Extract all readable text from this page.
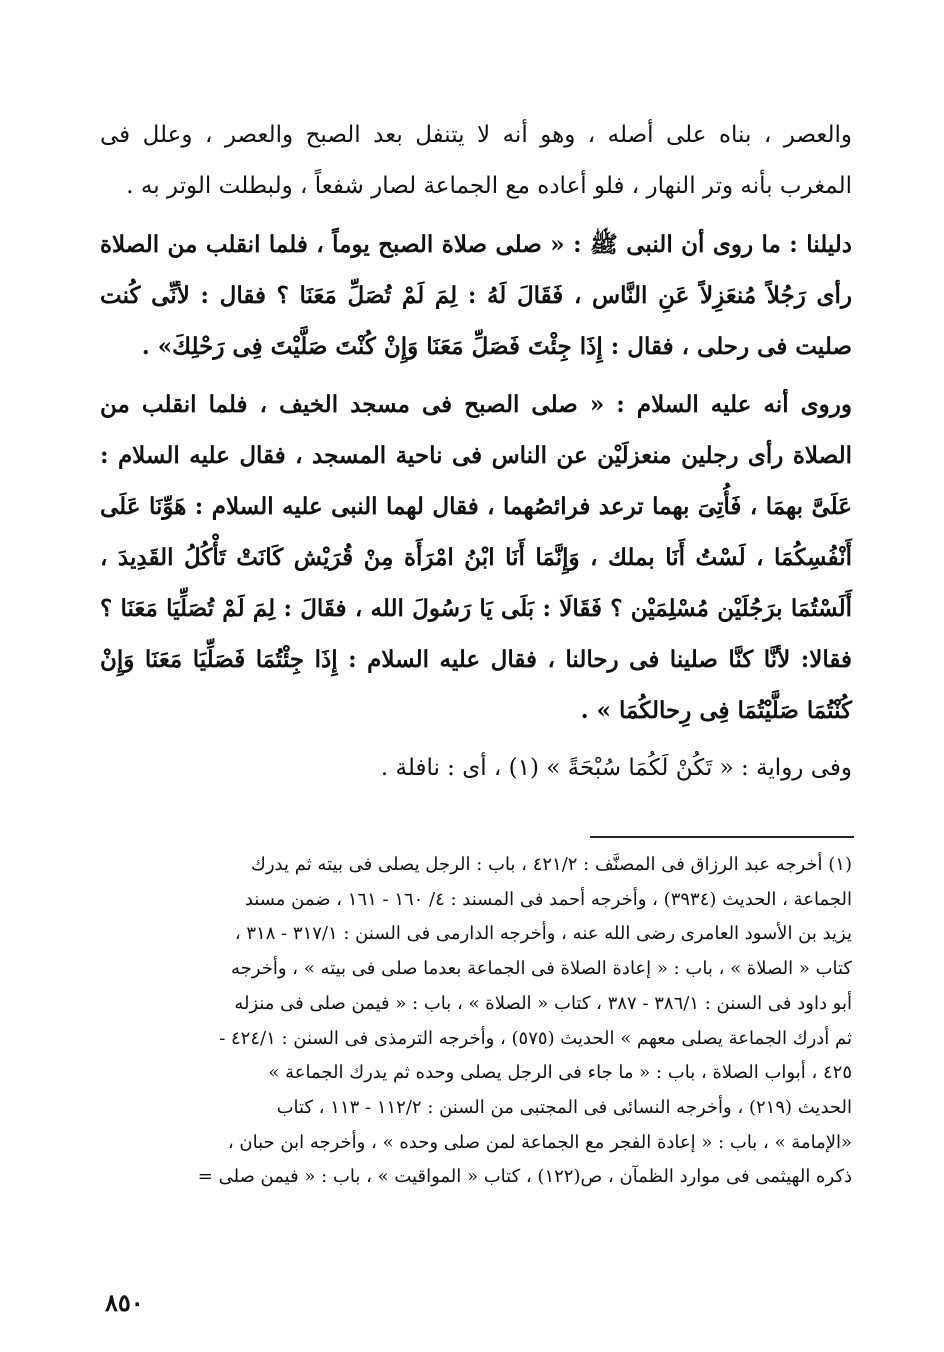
والعصر ، بناه على أصله ، وهو أنه لا يتنفل بعد الصبح والعصر ، وعلل فى المغرب بأنه وتر النهار ، فلو أعاده مع الجماعة لصار شفعاً ، ولبطلت الوتر به .

دليلنا : ما روى أن النبى ﷺ : « صلى صلاة الصبح يوماً ، فلما انقلب من الصلاة رأى رَجُلاً مُنعَزِلاً عَنِ النَّاس ، فَقَالَ لَهُ : لِمَ لَمْ تُصَلِّ مَعَنَا ؟ فقال : لأنِّى كُنت صليت فى رحلى ، فقال : إِذَا جِئْتَ فَصَلِّ مَعَنَا وَإِنْ كُنْتَ صَلَّيْتَ فِى رَحْلِكَ» .

وروى أنه عليه السلام : « صلى الصبح فى مسجد الخيف ، فلما انقلب من الصلاة رأى رجلين منعزلَيْن عن الناس فى ناحية المسجد ، فقال عليه السلام : عَلَىَّ بهمَا ، فَأُتِىَ بهما ترعد فرائصُهما ، فقال لهما النبى عليه السلام : هَوِّنَا عَلَى أَنْفُسِكُمَا ، لَسْتُ أَنَا بملك ، وَإِنَّمَا أَنَا ابْنُ امْرَأَة مِنْ قُرَيْش كَانَتْ تَأْكُلُ القَدِيدَ ، أَلَسْتُمَا برَجُلَيْن مُسْلِمَيْن ؟ فَقَالَا : بَلَى يَا رَسُولَ الله ، فقَالَ : لِمَ لَمْ تُصَلِّيَا مَعَنَا ؟ فقالا: لأنَّا كنَّا صلينا فى رحالنا ، فقال عليه السلام : إِذَا جِئْتُمَا فَصَلِّيَا مَعَنَا وَإِنْ كُنْتُمَا صَلَّيْتُمَا فِى رِحالكُمَا » .

وفى رواية : « تَكُنْ لَكُمَا سُبْحَةً » (١) ، أى : نافلة .

(١) أخرجه عبد الرزاق فى المصنَّف : ٤٢١/٢ ، باب : الرجل يصلى فى بيته ثم يدرك
الجماعة ، الحديث (٣٩٣٤) ، وأخرجه أحمد فى المسند : ٤/ ١٦٠ - ١٦١ ، ضمن مسند
يزيد بن الأسود العامرى رضى الله عنه ، وأخرجه الدارمى فى السنن : ٣١٧/١ - ٣١٨ ،
كتاب « الصلاة » ، باب : « إعادة الصلاة فى الجماعة بعدما صلى فى بيته » ، وأخرجه
أبو داود فى السنن : ٣٨٦/١ - ٣٨٧ ، كتاب « الصلاة » ، باب : « فيمن صلى فى منزله
ثم أدرك الجماعة يصلى معهم » الحديث (٥٧٥) ، وأخرجه الترمذى فى السنن : ٤٢٤/١ -
٤٢٥ ، أبواب الصلاة ، باب : « ما جاء فى الرجل يصلى وحده ثم يدرك الجماعة »
الحديث (٢١٩) ، وأخرجه النسائى فى المجتبى من السنن : ١١٢/٢ - ١١٣ ، كتاب
«الإمامة » ، باب : « إعادة الفجر مع الجماعة لمن صلى وحده » ، وأخرجه ابن حبان ،
ذكره الهيثمى فى موارد الظمآن ، ص(١٢٢) ، كتاب « المواقيت » ، باب : « فيمن صلى =

٨٥٠
